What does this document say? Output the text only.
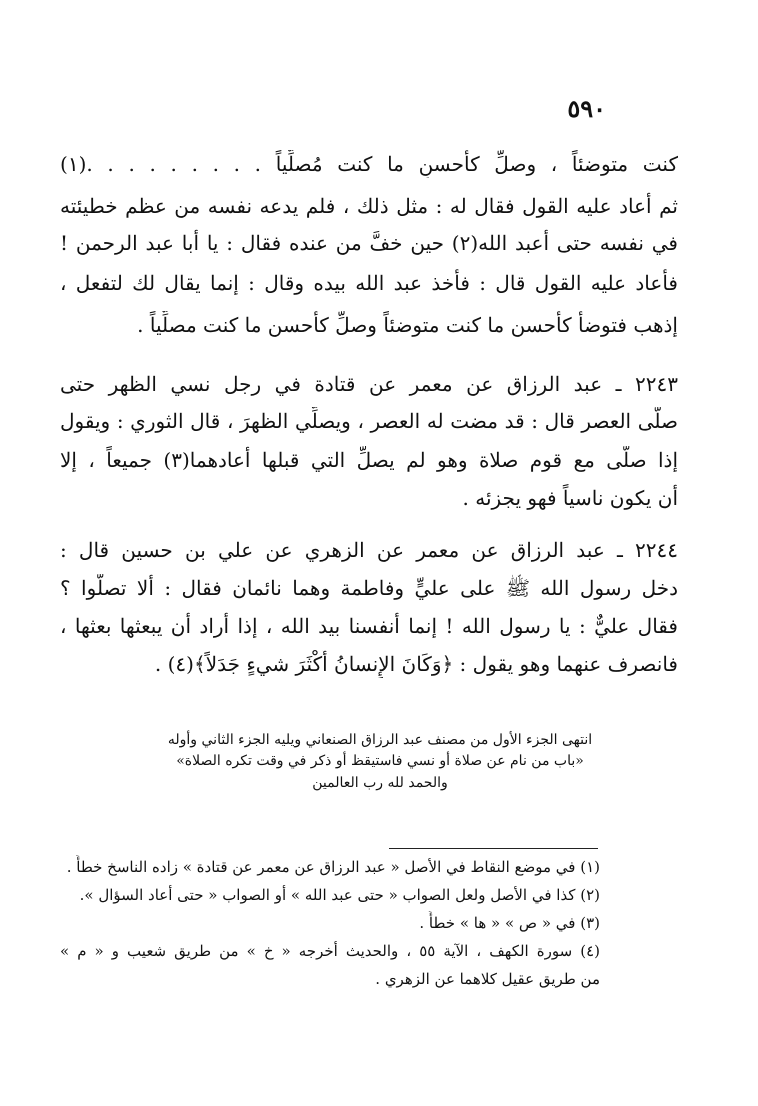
٥٩٠
كنت متوضئاً ، وصلِّ كأحسنِ ما كنت مُصلِّياً . . . . . . . . .(١)
ثم أعاد عليه القول فقال له : مثل ذلك ، فلم يدعه نفسه من عظم خطيئته
في نفسه حتى أعبد الله(٢) حين خفَّ من عنده فقال : يا أبا عبد الرحمن !
فأعاد عليه القول قال : فأخذ عبد الله بيده وقال : إنما يقال لك لتفعل ،
إذهب فتوضأ كأحسن ما كنت متوضئاً وصلِّ كأحسن ما كنت مصلِّياً .
٢٢٤٣ ـ عبد الرزاق عن معمر عن قتادة في رجل نسي الظهر حتى
صلَّى العصر قال : قد مضت له العصر ، ويصلِّي الظهرَ ، قال الثوري : ويقول
إذا صلَّى مع قوم صلاة وهو لم يصلِّ التي قبلها أعادهما(٣) جميعاً ، إلا
أن يكون ناسياً فهو يجزئه .
٢٢٤٤ ـ عبد الرزاق عن معمر عن الزهري عن علي بن حسين قال :
دخل رسول الله ﷺ على عليٍّ وفاطمة وهما نائمان فقال : ألا تصلُّوا ؟
فقال عليٌّ : يا رسول الله ! إنما أنفسنا بيد الله ، إذا أراد أن يبعثها بعثها ،
فانصرف عنهما وهو يقول : ﴿وَكَانَ الإِنسانُ أَكْثَرَ شيءٍ جَدَلاً﴾(٤) .
انتهى الجزء الأول من مصنف عبد الرزاق الصنعاني ويليه الجزء الثاني وأوله
«باب من نام عن صلاة أو نسي فاستيقظ أو ذكر في وقت تكره الصلاة»
والحمد لله رب العالمين
(١) في موضع النقاط في الأصل « عبد الرزاق عن معمر عن قتادة » زاده الناسخ خطأً .
(٢) كذا في الأصل ولعل الصواب « حتى عبد الله » أو الصواب « حتى أعاد السؤال ».
(٣) في « ص » « ها » خطأً .
(٤) سورة الكهف ، الآية ٥٥ ، والحديث أخرجه « خ » من طريق شعيب و « م »
من طريق عقيل كلاهما عن الزهري .
